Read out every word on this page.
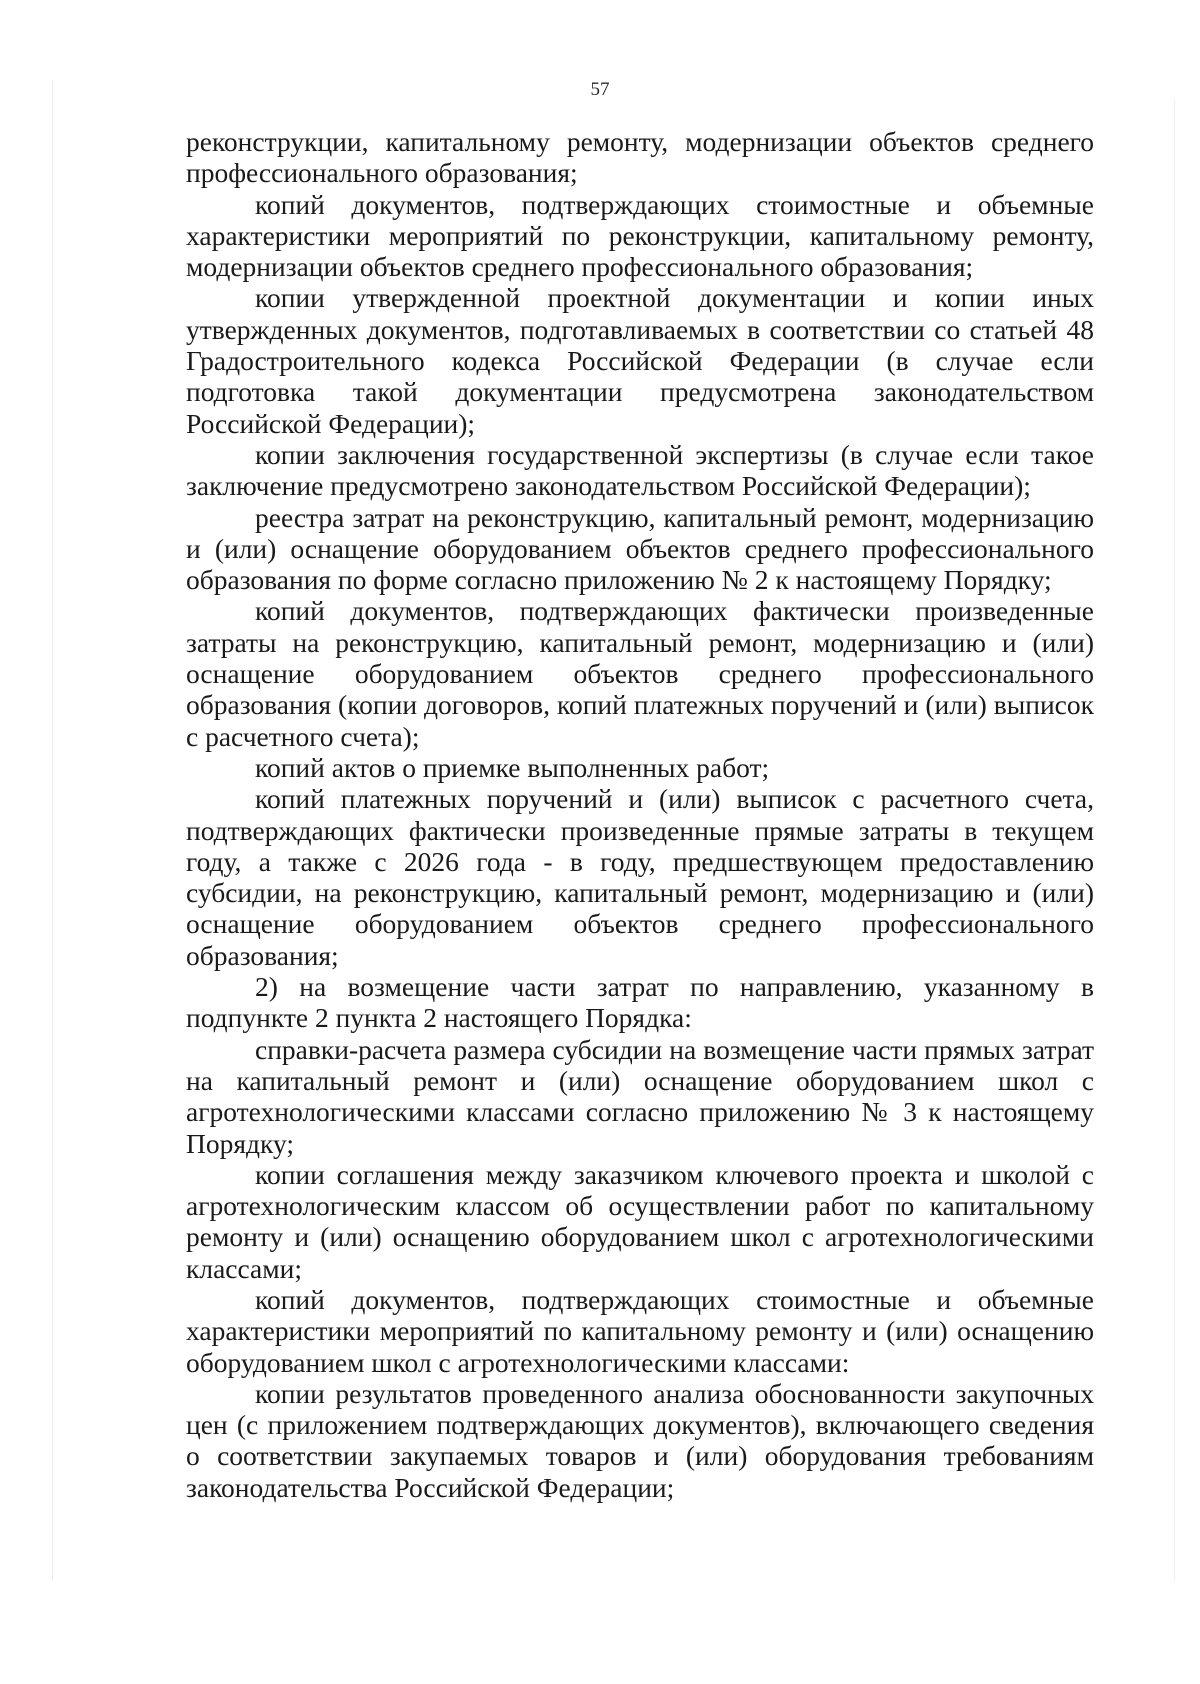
57

реконструкции, капитальному ремонту, модернизации объектов среднего профессионального образования;

копий документов, подтверждающих стоимостные и объемные характеристики мероприятий по реконструкции, капитальному ремонту, модернизации объектов среднего профессионального образования;

копии утвержденной проектной документации и копии иных утвержденных документов, подготавливаемых в соответствии со статьей 48 Градостроительного кодекса Российской Федерации (в случае если подготовка такой документации предусмотрена законодательством Российской Федерации);

копии заключения государственной экспертизы (в случае если такое заключение предусмотрено законодательством Российской Федерации);

реестра затрат на реконструкцию, капитальный ремонт, модернизацию и (или) оснащение оборудованием объектов среднего профессионального образования по форме согласно приложению № 2 к настоящему Порядку;

копий документов, подтверждающих фактически произведенные затраты на реконструкцию, капитальный ремонт, модернизацию и (или) оснащение оборудованием объектов среднего профессионального образования (копии договоров, копий платежных поручений и (или) выписок с расчетного счета);

копий актов о приемке выполненных работ;

копий платежных поручений и (или) выписок с расчетного счета, подтверждающих фактически произведенные прямые затраты в текущем году, а также с 2026 года - в году, предшествующем предоставлению субсидии, на реконструкцию, капитальный ремонт, модернизацию и (или) оснащение оборудованием объектов среднего профессионального образования;

2) на возмещение части затрат по направлению, указанному в подпункте 2 пункта 2 настоящего Порядка:

справки-расчета размера субсидии на возмещение части прямых затрат на капитальный ремонт и (или) оснащение оборудованием школ с агротехнологическими классами согласно приложению № 3 к настоящему Порядку;

копии соглашения между заказчиком ключевого проекта и школой с агротехнологическим классом об осуществлении работ по капитальному ремонту и (или) оснащению оборудованием школ с агротехнологическими классами;

копий документов, подтверждающих стоимостные и объемные характеристики мероприятий по капитальному ремонту и (или) оснащению оборудованием школ с агротехнологическими классами:

копии результатов проведенного анализа обоснованности закупочных цен (с приложением подтверждающих документов), включающего сведения о соответствии закупаемых товаров и (или) оборудования требованиям законодательства Российской Федерации;
